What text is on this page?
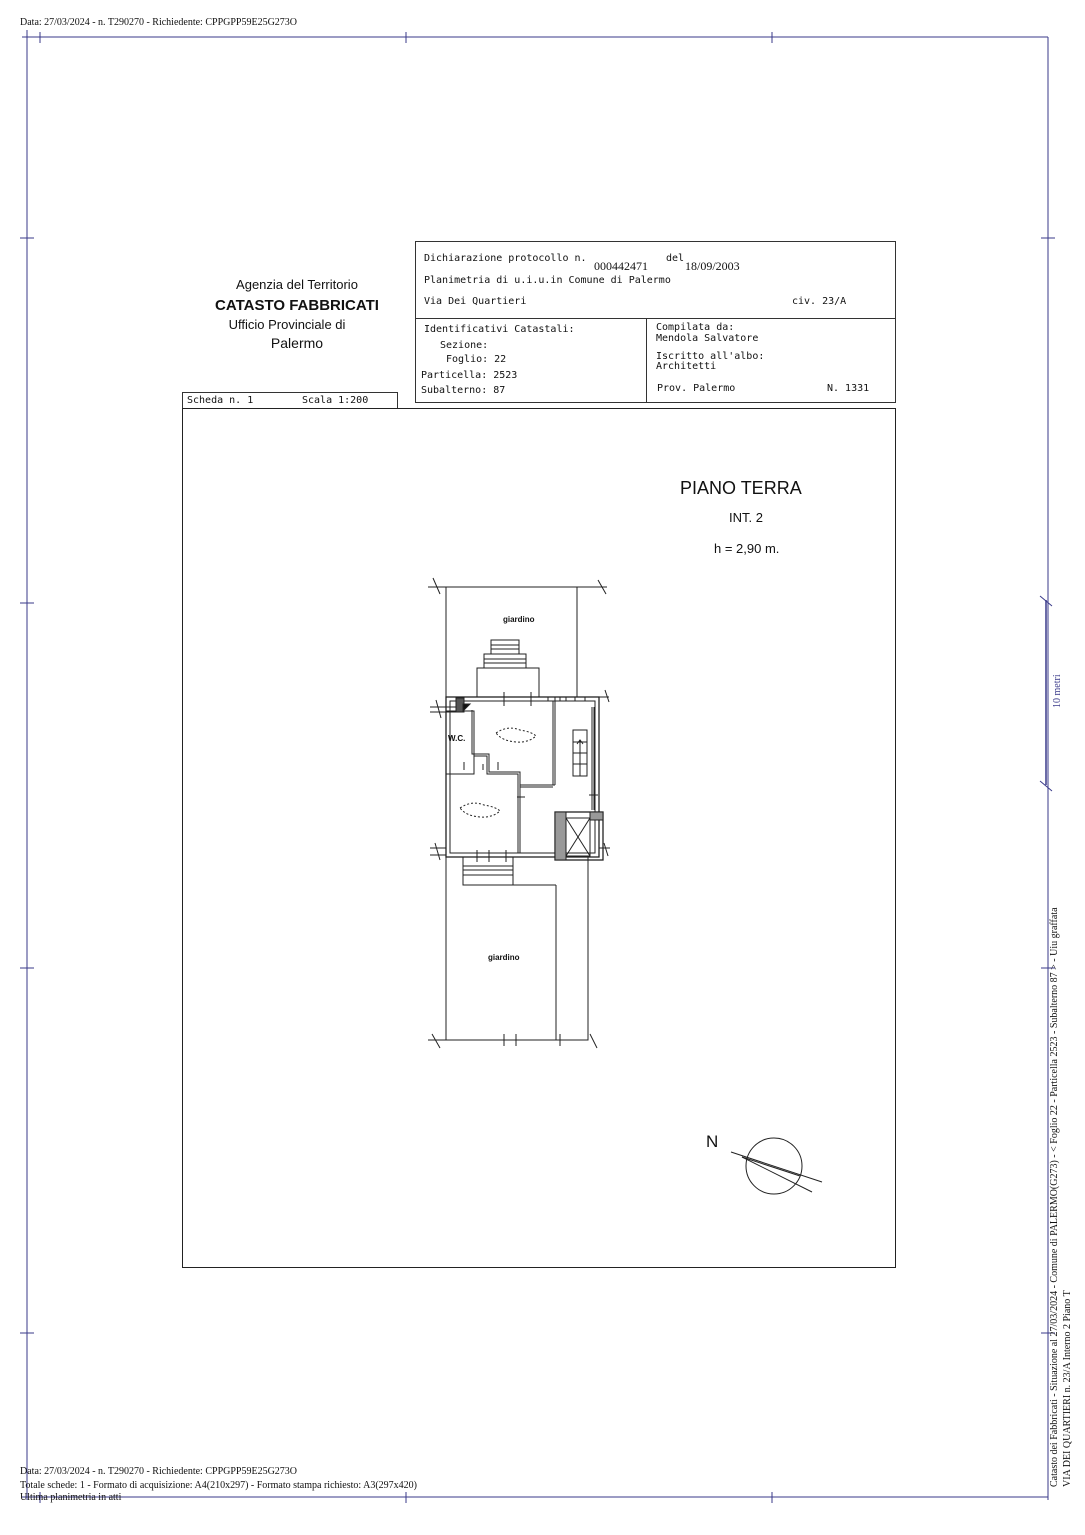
Data: 27/03/2024 - n. T290270 - Richiedente: CPPGPP59E25G273O
Agenzia del Territorio
CATASTO FABBRICATI
Ufficio Provinciale di
Palermo
Dichiarazione protocollo n.
000442471
del
18/09/2003
Planimetria di u.i.u.in Comune di Palermo
Via Dei Quartieri	civ. 23/A
Identificativi Catastali:
Sezione:
Foglio: 22
Particella: 2523
Subalterno: 87
Compilata da:
Mendola Salvatore
Iscritto all'albo:
Architetti
Prov. Palermo	N. 1331
Scheda n. 1	Scala 1:200
PIANO TERRA
INT. 2
h = 2,90 m.
giardino
W.C.
giardino
N
10 metri
Catasto dei Fabbricati - Situazione al 27/03/2024 - Comune di PALERMO(G273) - < Foglio 22 - Particella 2523 - Subalterno 87 > - Uiu graffata VIA DEI QUARTIERI n. 23/A Interno 2 Piano T
Data: 27/03/2024 - n. T290270 - Richiedente: CPPGPP59E25G273O
Totale schede: 1 - Formato di acquisizione: A4(210x297) - Formato stampa richiesto: A3(297x420)
Ultima planimetria in atti
